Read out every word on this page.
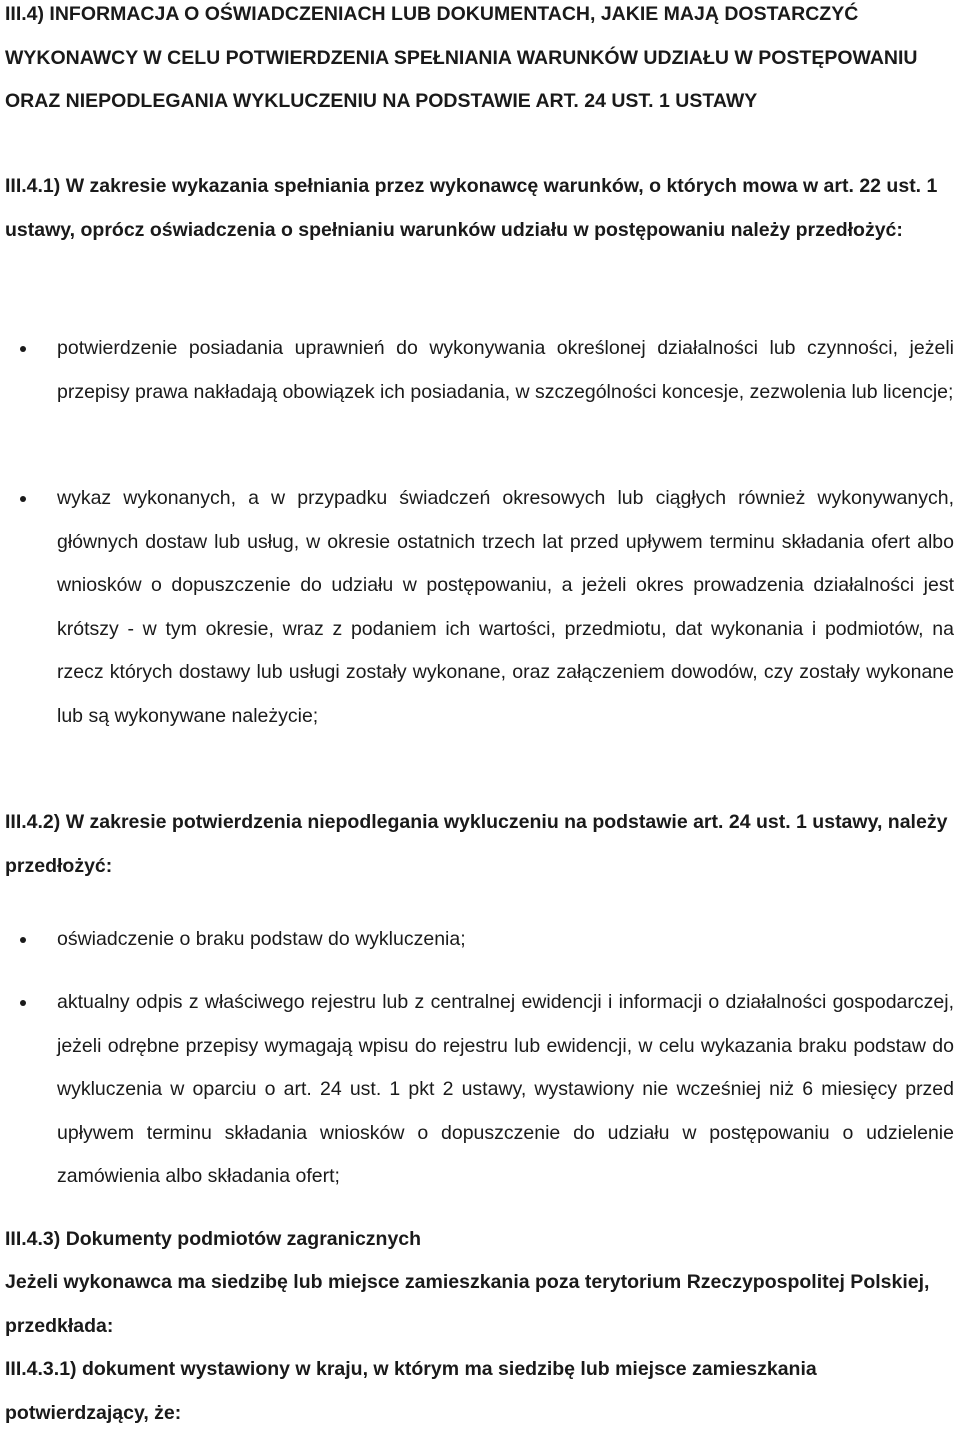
III.4) INFORMACJA O OŚWIADCZENIACH LUB DOKUMENTACH, JAKIE MAJĄ DOSTARCZYĆ WYKONAWCY W CELU POTWIERDZENIA SPEŁNIANIA WARUNKÓW UDZIAŁU W POSTĘPOWANIU ORAZ NIEPODLEGANIA WYKLUCZENIU NA PODSTAWIE ART. 24 UST. 1 USTAWY

III.4.1) W zakresie wykazania spełniania przez wykonawcę warunków, o których mowa w art. 22 ust. 1 ustawy, oprócz oświadczenia o spełnianiu warunków udziału w postępowaniu należy przedłożyć:

potwierdzenie posiadania uprawnień do wykonywania określonej działalności lub czynności, jeżeli przepisy prawa nakładają obowiązek ich posiadania, w szczególności koncesje, zezwolenia lub licencje;

wykaz wykonanych, a w przypadku świadczeń okresowych lub ciągłych również wykonywanych, głównych dostaw lub usług, w okresie ostatnich trzech lat przed upływem terminu składania ofert albo wniosków o dopuszczenie do udziału w postępowaniu, a jeżeli okres prowadzenia działalności jest krótszy - w tym okresie, wraz z podaniem ich wartości, przedmiotu, dat wykonania i podmiotów, na rzecz których dostawy lub usługi zostały wykonane, oraz załączeniem dowodów, czy zostały wykonane lub są wykonywane należycie;

III.4.2) W zakresie potwierdzenia niepodlegania wykluczeniu na podstawie art. 24 ust. 1 ustawy, należy przedłożyć:

oświadczenie o braku podstaw do wykluczenia;

aktualny odpis z właściwego rejestru lub z centralnej ewidencji i informacji o działalności gospodarczej, jeżeli odrębne przepisy wymagają wpisu do rejestru lub ewidencji, w celu wykazania braku podstaw do wykluczenia w oparciu o art. 24 ust. 1 pkt 2 ustawy, wystawiony nie wcześniej niż 6 miesięcy przed upływem terminu składania wniosków o dopuszczenie do udziału w postępowaniu o udzielenie zamówienia albo składania ofert;

III.4.3) Dokumenty podmiotów zagranicznych

Jeżeli wykonawca ma siedzibę lub miejsce zamieszkania poza terytorium Rzeczypospolitej Polskiej, przedkłada:

III.4.3.1) dokument wystawiony w kraju, w którym ma siedzibę lub miejsce zamieszkania potwierdzający, że:
